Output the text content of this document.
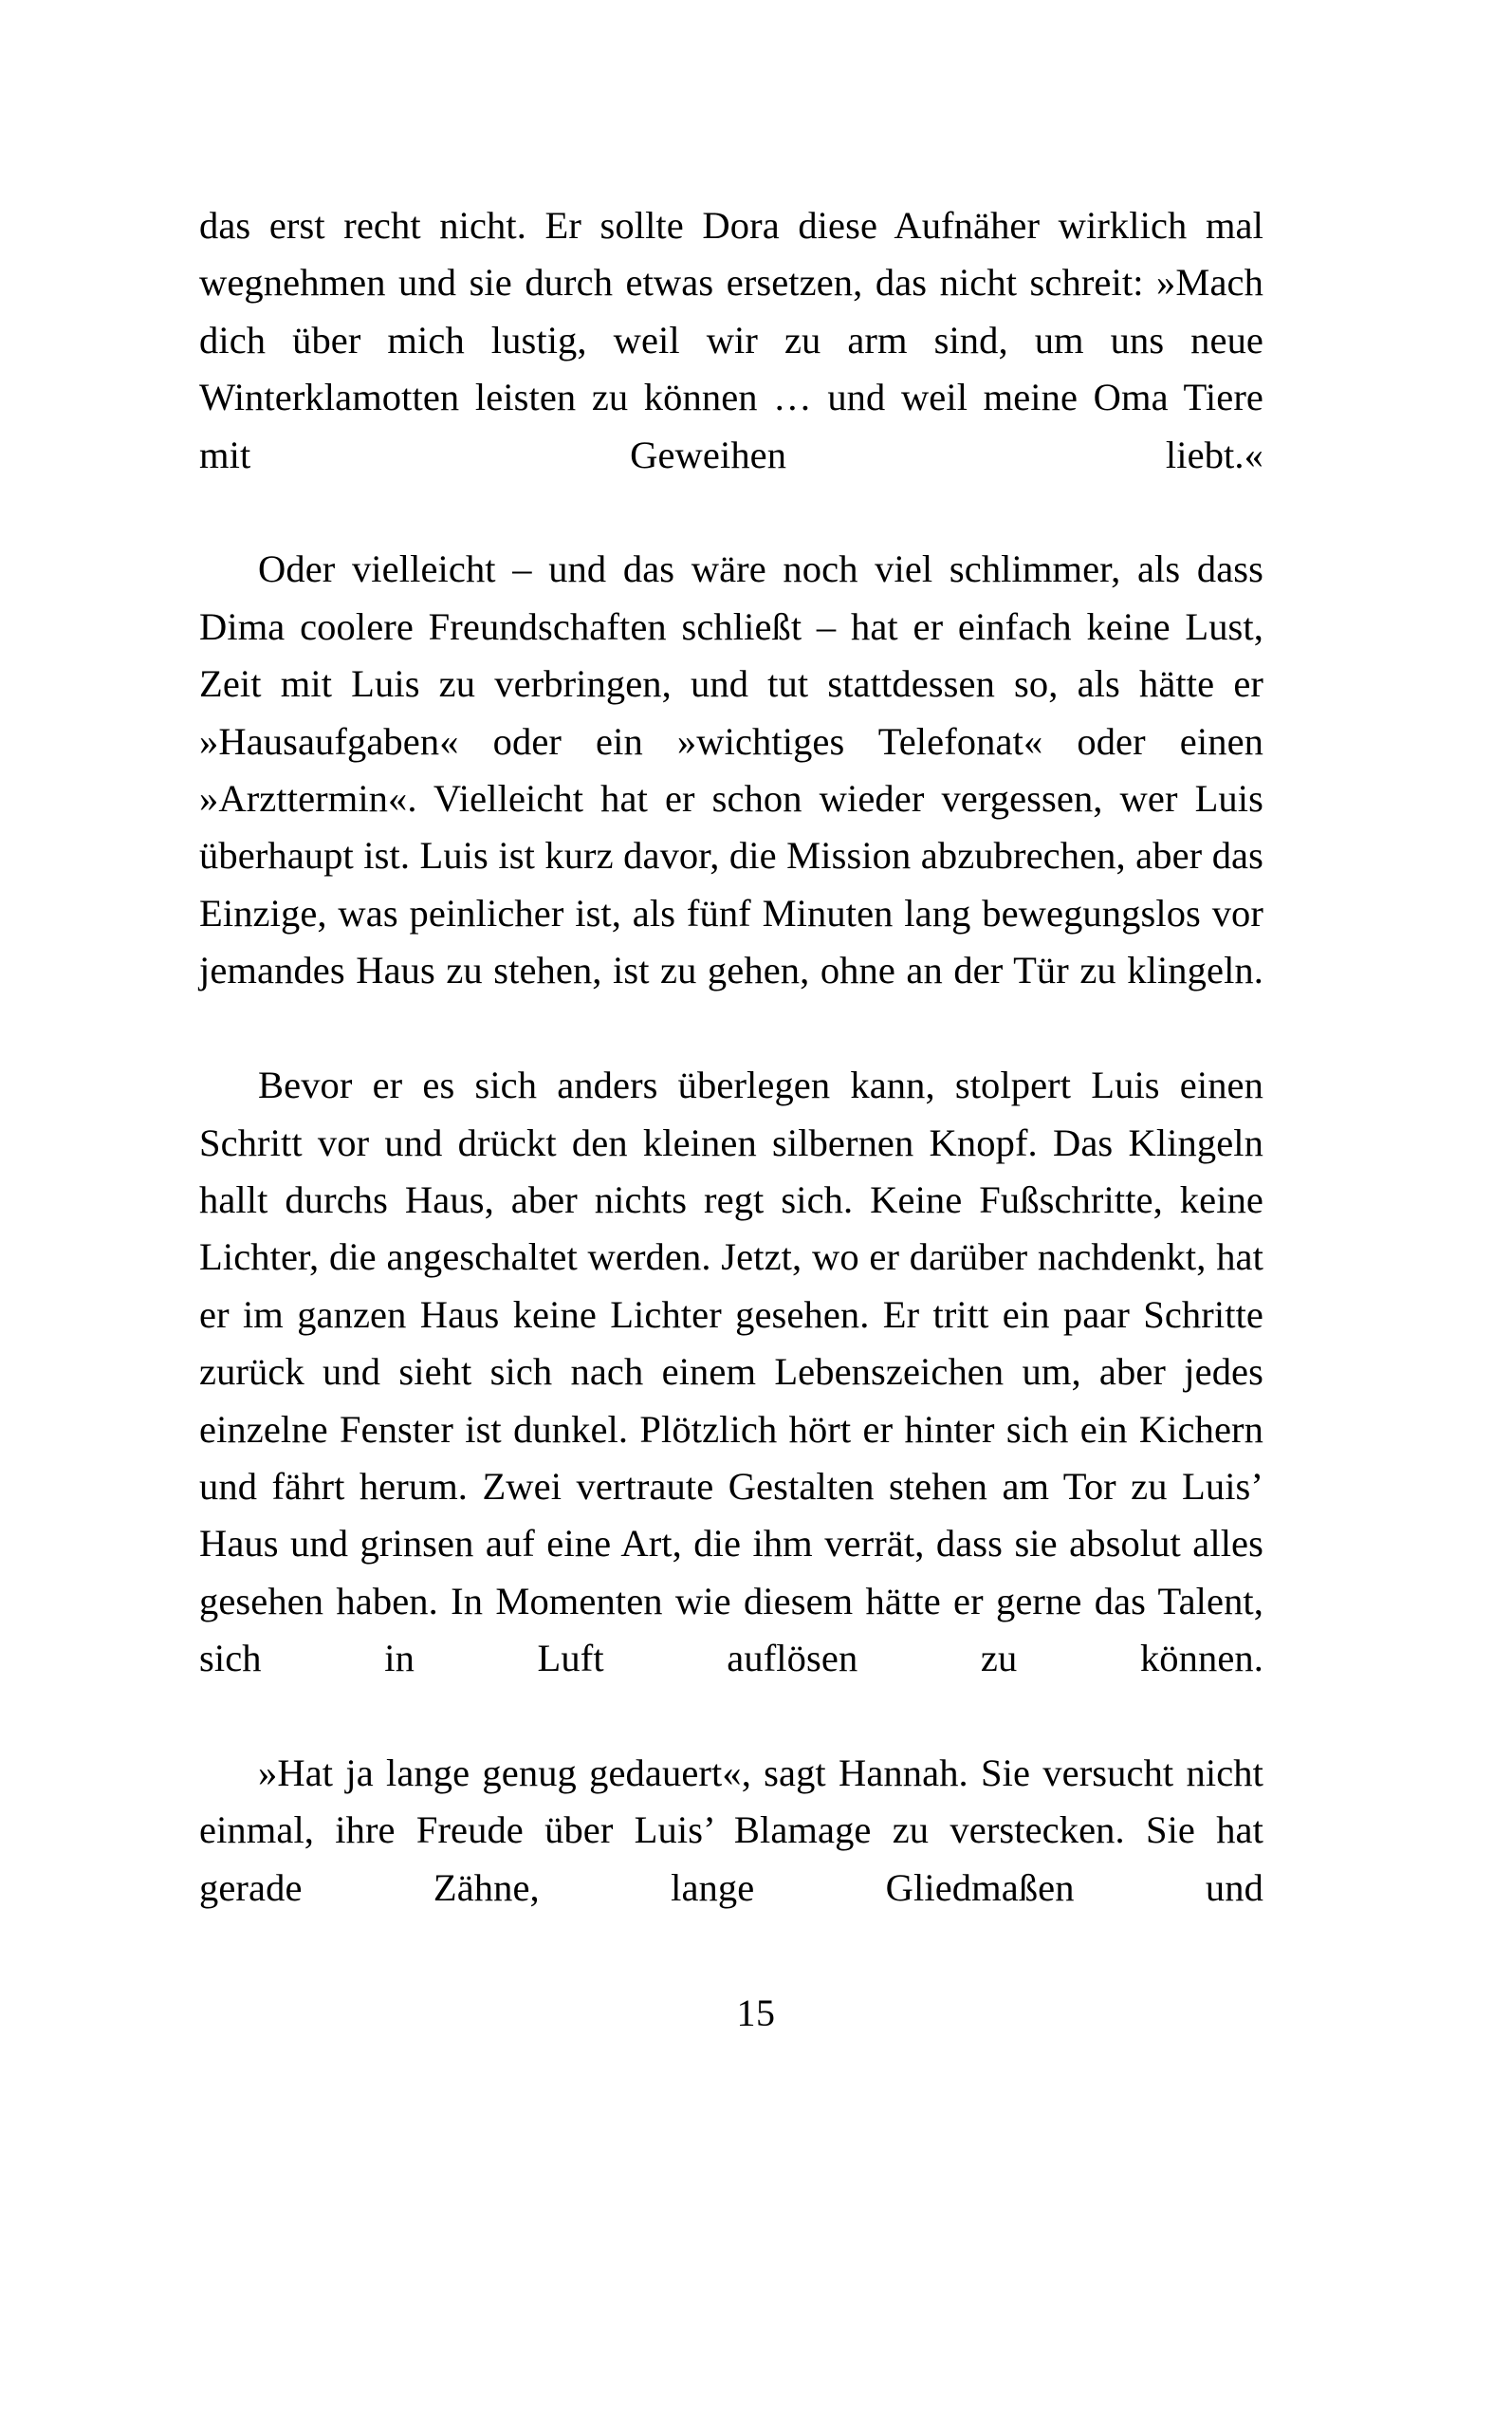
das erst recht nicht. Er sollte Dora diese Aufnäher wirklich mal wegnehmen und sie durch etwas ersetzen, das nicht schreit: »Mach dich über mich lustig, weil wir zu arm sind, um uns neue Winterklamotten leisten zu können … und weil meine Oma Tiere mit Geweihen liebt.«

Oder vielleicht – und das wäre noch viel schlimmer, als dass Dima coolere Freundschaften schließt – hat er einfach keine Lust, Zeit mit Luis zu verbringen, und tut stattdessen so, als hätte er »Hausaufgaben« oder ein »wichtiges Telefonat« oder einen »Arzttermin«. Vielleicht hat er schon wieder vergessen, wer Luis überhaupt ist. Luis ist kurz davor, die Mission abzubrechen, aber das Einzige, was peinlicher ist, als fünf Minuten lang bewegungslos vor jemandes Haus zu stehen, ist zu gehen, ohne an der Tür zu klingeln.

Bevor er es sich anders überlegen kann, stolpert Luis einen Schritt vor und drückt den kleinen silbernen Knopf. Das Klingeln hallt durchs Haus, aber nichts regt sich. Keine Fußschritte, keine Lichter, die angeschaltet werden. Jetzt, wo er darüber nachdenkt, hat er im ganzen Haus keine Lichter gesehen. Er tritt ein paar Schritte zurück und sieht sich nach einem Lebenszeichen um, aber jedes einzelne Fenster ist dunkel. Plötzlich hört er hinter sich ein Kichern und fährt herum. Zwei vertraute Gestalten stehen am Tor zu Luis’ Haus und grinsen auf eine Art, die ihm verrät, dass sie absolut alles gesehen haben. In Momenten wie diesem hätte er gerne das Talent, sich in Luft auflösen zu können.

»Hat ja lange genug gedauert«, sagt Hannah. Sie versucht nicht einmal, ihre Freude über Luis’ Blamage zu verstecken. Sie hat gerade Zähne, lange Gliedmaßen und

15
